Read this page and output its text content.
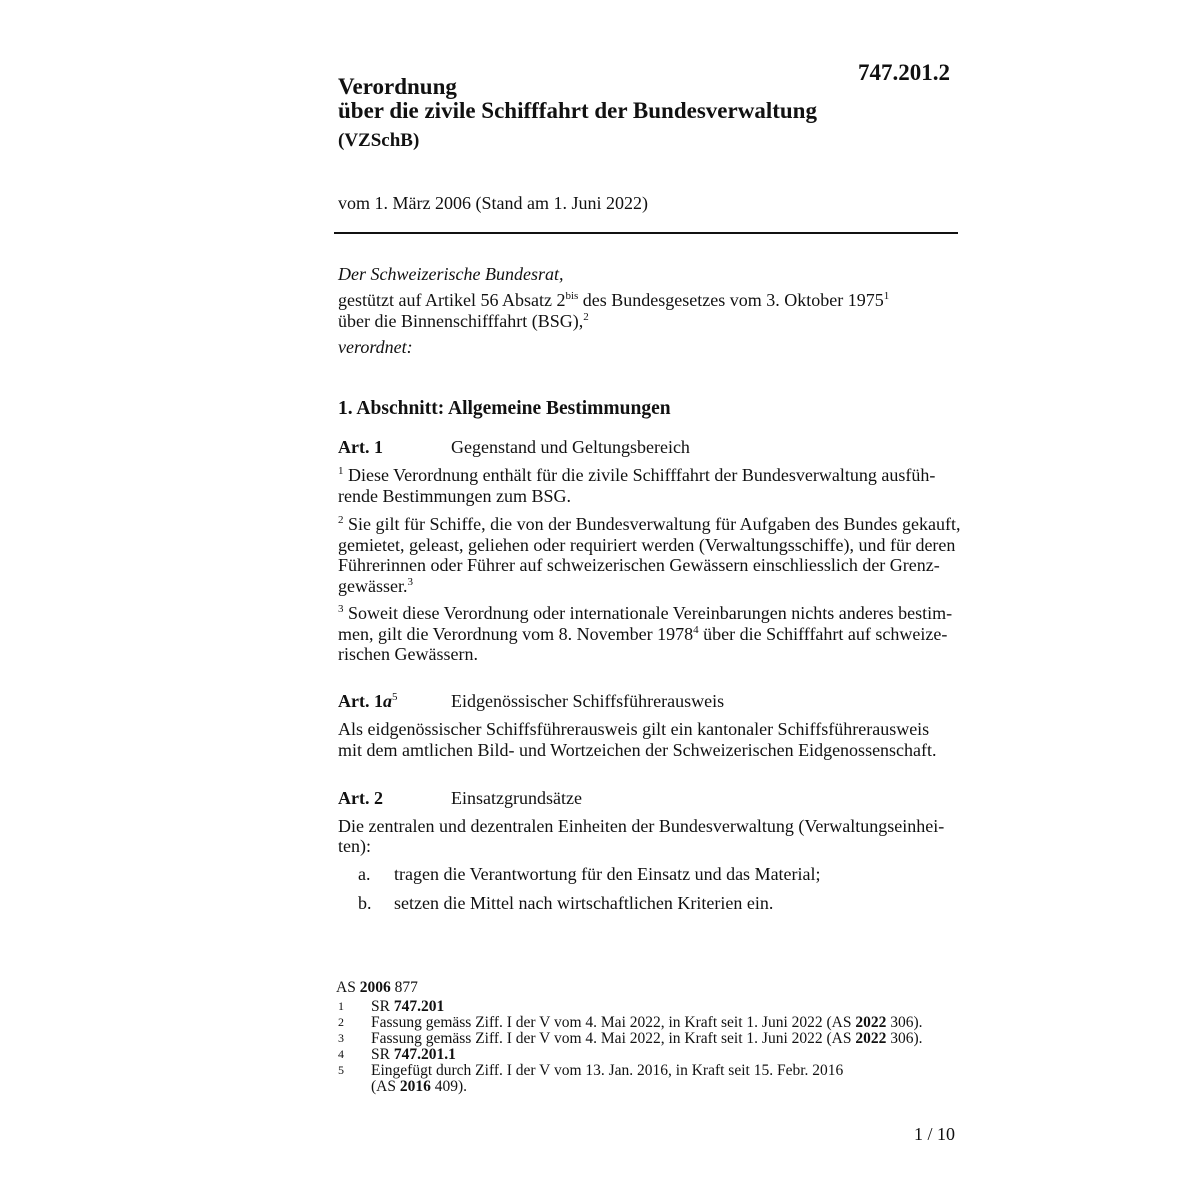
747.201.2
Verordnung
über die zivile Schifffahrt der Bundesverwaltung
(VZSchB)
vom 1. März 2006 (Stand am 1. Juni 2022)
Der Schweizerische Bundesrat,
gestützt auf Artikel 56 Absatz $2^{bis}$ des Bundesgesetzes vom 3. Oktober 1975$^1$
über die Binnenschifffahrt (BSG),$^2$
verordnet:
1. Abschnitt: Allgemeine Bestimmungen
Art. 1	Gegenstand und Geltungsbereich
$^1$ Diese Verordnung enthält für die zivile Schifffahrt der Bundesverwaltung ausfüh-
rende Bestimmungen zum BSG.
$^2$ Sie gilt für Schiffe, die von der Bundesverwaltung für Aufgaben des Bundes gekauft,
gemietet, geleast, geliehen oder requiriert werden (Verwaltungsschiffe), und für deren
Führerinnen oder Führer auf schweizerischen Gewässern einschliesslich der Grenz-
gewässer.$^3$
$^3$ Soweit diese Verordnung oder internationale Vereinbarungen nichts anderes bestim-
men, gilt die Verordnung vom 8. November 1978$^4$ über die Schifffahrt auf schweize-
rischen Gewässern.
Art. $1a^5$	Eidgenössischer Schiffsführerausweis
Als eidgenössischer Schiffsführerausweis gilt ein kantonaler Schiffsführerausweis
mit dem amtlichen Bild- und Wortzeichen der Schweizerischen Eidgenossenschaft.
Art. 2	Einsatzgrundsätze
Die zentralen und dezentralen Einheiten der Bundesverwaltung (Verwaltungseinhei-
ten):
a. tragen die Verantwortung für den Einsatz und das Material;
b. setzen die Mittel nach wirtschaftlichen Kriterien ein.
AS 2006 877
1 SR 747.201
2 Fassung gemäss Ziff. I der V vom 4. Mai 2022, in Kraft seit 1. Juni 2022 (AS 2022 306).
3 Fassung gemäss Ziff. I der V vom 4. Mai 2022, in Kraft seit 1. Juni 2022 (AS 2022 306).
4 SR 747.201.1
5 Eingefügt durch Ziff. I der V vom 13. Jan. 2016, in Kraft seit 15. Febr. 2016
(AS 2016 409).
1 / 10
